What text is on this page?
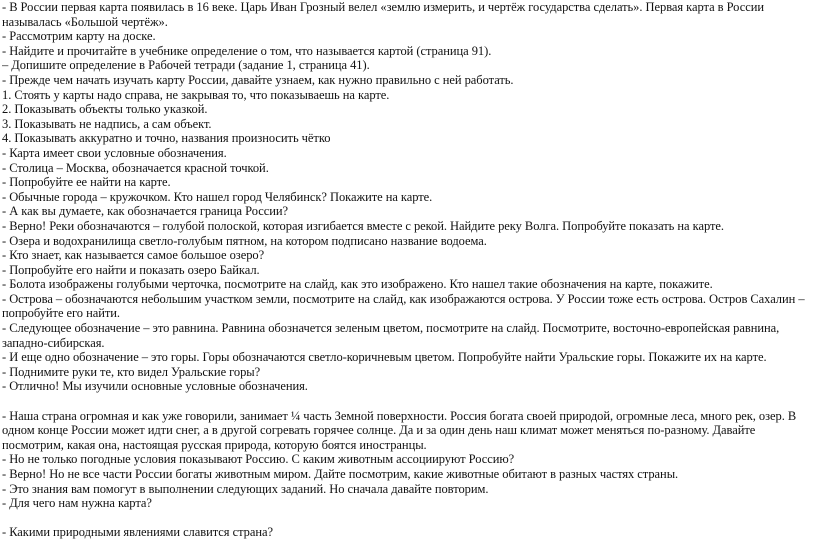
- В России первая карта появилась в 16 веке. Царь Иван Грозный велел «землю измерить, и чертёж государства сделать». Первая карта в России
называлась «Большой чертёж».
- Рассмотрим карту на доске.
- Найдите и прочитайте в учебнике определение о том, что называется картой (страница 91).
– Допишите определение в Рабочей тетради (задание 1, страница 41).
- Прежде чем начать изучать карту России, давайте узнаем, как нужно правильно с ней работать.
1. Стоять у карты надо справа, не закрывая то, что показываешь на карте.
2. Показывать объекты только указкой.
3. Показывать не надпись, а сам объект.
4. Показывать аккуратно и точно, названия произносить чётко
- Карта имеет свои условные обозначения.
- Столица – Москва, обозначается красной точкой.
- Попробуйте ее найти на карте.
- Обычные города – кружочком. Кто нашел город Челябинск? Покажите на карте.
- А как вы думаете, как обозначается граница России?
- Верно! Реки обозначаются – голубой полоской, которая изгибается вместе с рекой. Найдите реку Волга. Попробуйте показать на карте.
- Озера и водохранилища светло-голубым пятном, на котором подписано название водоема.
- Кто знает, как называется самое большое озеро?
- Попробуйте его найти и показать озеро Байкал.
- Болота изображены голубыми черточка, посмотрите на слайд, как это изображено. Кто нашел такие обозначения на карте, покажите.
- Острова – обозначаются небольшим участком земли, посмотрите на слайд, как изображаются острова. У России тоже есть острова. Остров Сахалин –
попробуйте его найти.
- Следующее обозначение – это равнина. Равнина обозначется зеленым цветом, посмотрите на слайд. Посмотрите, восточно-европейская равнина,
западно-сибирская.
- И еще одно обозначение – это горы. Горы обозначаются светло-коричневым цветом. Попробуйте найти Уральские горы. Покажите их на карте.
- Поднимите руки те, кто видел Уральские горы?
- Отлично! Мы изучили основные условные обозначения.
- Наша страна огромная и как уже говорили, занимает ¼ часть Земной поверхности. Россия богата своей природой, огромные леса, много рек, озер. В
одном конце России может идти снег, а в другой согревать горячее солнце. Да и за один день наш климат может меняться по-разному. Давайте
посмотрим, какая она, настоящая русская природа, которую боятся иностранцы.
- Но не только погодные условия показывают Россию. С каким животным ассоциируют Россию?
- Верно! Но не все части России богаты животным миром. Дайте посмотрим, какие животные обитают в разных частях страны.
- Это знания вам помогут в выполнении следующих заданий. Но сначала давайте повторим.
- Для чего нам нужна карта?
- Какими природными явлениями славится страна?
